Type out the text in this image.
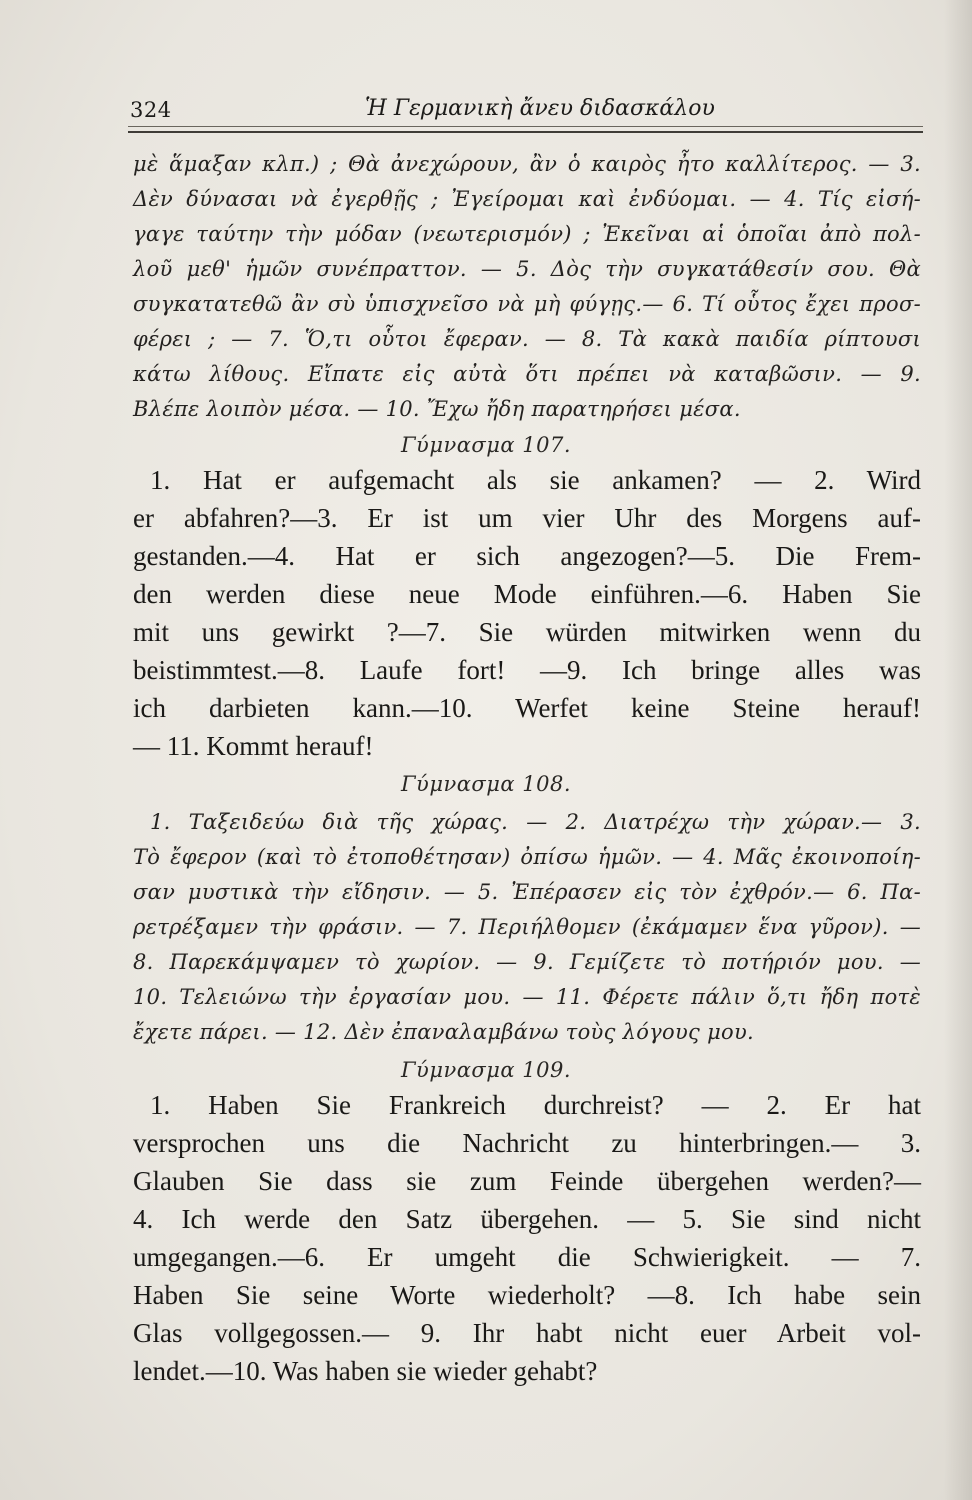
324	Ἡ Γερμανικὴ ἄνευ διδασκάλου
μὲ ἅμαξαν κλπ.) ; Θὰ ἀνεχώρουν, ἂν ὁ καιρὸς ἦτο καλλίτερος. — 3.
Δὲν δύνασαι νὰ ἐγερθῇς ; Ἐγείρομαι καὶ ἐνδύομαι. — 4. Τίς εἰσή-
γαγε ταύτην τὴν μόδαν (νεωτερισμόν) ; Ἐκεῖναι αἱ ὁποῖαι ἀπὸ πολ-
λοῦ μεθ' ἡμῶν συνέπραττον. — 5. Δὸς τὴν συγκατάθεσίν σου. Θὰ
συγκατατεθῶ ἂν σὺ ὑπισχνεῖσο νὰ μὴ φύγῃς.— 6. Τί οὗτος ἔχει προσ-
φέρει ; — 7. Ὅ,τι οὗτοι ἔφεραν. — 8. Τὰ κακὰ παιδία ρίπτουσι
κάτω λίθους. Εἴπατε εἰς αὐτὰ ὅτι πρέπει νὰ καταβῶσιν. — 9.
Βλέπε λοιπὸν μέσα. — 10. Ἔχω ἤδη παρατηρήσει μέσα.
Γύμνασμα 107.
1. Hat er aufgemacht als sie ankamen? — 2. Wird
er abfahren?—3. Er ist um vier Uhr des Morgens auf-
gestanden.—4. Hat er sich angezogen?—5. Die Frem-
den werden diese neue Mode einführen.—6. Haben Sie
mit uns gewirkt ?—7. Sie würden mitwirken wenn du
beistimmtest.—8. Laufe fort! —9. Ich bringe alles was
ich darbieten kann.—10. Werfet keine Steine herauf!
— 11. Kommt herauf!
Γύμνασμα 108.
1. Ταξειδεύω διὰ τῆς χώρας. — 2. Διατρέχω τὴν χώραν.— 3.
Τὸ ἔφερον (καὶ τὸ ἐτοποθέτησαν) ὀπίσω ἡμῶν. — 4. Μᾶς ἐκοινοποίη-
σαν μυστικὰ τὴν εἴδησιν. — 5. Ἐπέρασεν εἰς τὸν ἐχθρόν.— 6. Πα-
ρετρέξαμεν τὴν φράσιν. — 7. Περιήλθομεν (ἐκάμαμεν ἕνα γῦρον). —
8. Παρεκάμψαμεν τὸ χωρίον. — 9. Γεμίζετε τὸ ποτήριόν μου. —
10. Τελειώνω τὴν ἐργασίαν μου. — 11. Φέρετε πάλιν ὅ,τι ἤδη ποτὲ
ἔχετε πάρει. — 12. Δὲν ἐπαναλαμβάνω τοὺς λόγους μου.
Γύμνασμα 109.
1. Haben Sie Frankreich durchreist? — 2. Er hat
versprochen uns die Nachricht zu hinterbringen.— 3.
Glauben Sie dass sie zum Feinde übergehen werden?—
4. Ich werde den Satz übergehen. — 5. Sie sind nicht
umgegangen.—6. Er umgeht die Schwierigkeit. — 7.
Haben Sie seine Worte wiederholt? —8. Ich habe sein
Glas vollgegossen.— 9. Ihr habt nicht euer Arbeit vol-
lendet.—10. Was haben sie wieder gehabt?
